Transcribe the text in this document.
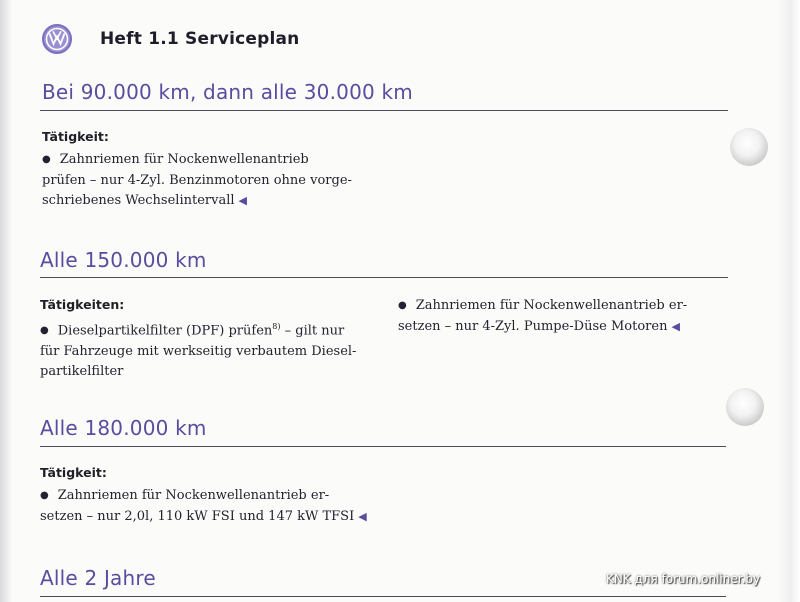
Heft 1.1 Serviceplan
Bei 90.000 km, dann alle 30.000 km
Tätigkeit:
● Zahnriemen für Nockenwellenantrieb
prüfen – nur 4-Zyl. Benzinmotoren ohne vorge-
schriebenes Wechselintervall ◀
Alle 150.000 km
Tätigkeiten:
● Dieselpartikelfilter (DPF) prüfen$^{8)}$ – gilt nur
für Fahrzeuge mit werkseitig verbautem Diesel-
partikelfilter
● Zahnriemen für Nockenwellenantrieb er-
setzen – nur 4-Zyl. Pumpe-Düse Motoren ◀
Alle 180.000 km
Tätigkeit:
● Zahnriemen für Nockenwellenantrieb er-
setzen – nur 2,0l, 110 kW FSI und 147 kW TFSI ◀
Alle 2 Jahre	KNK для forum.onliner.by
